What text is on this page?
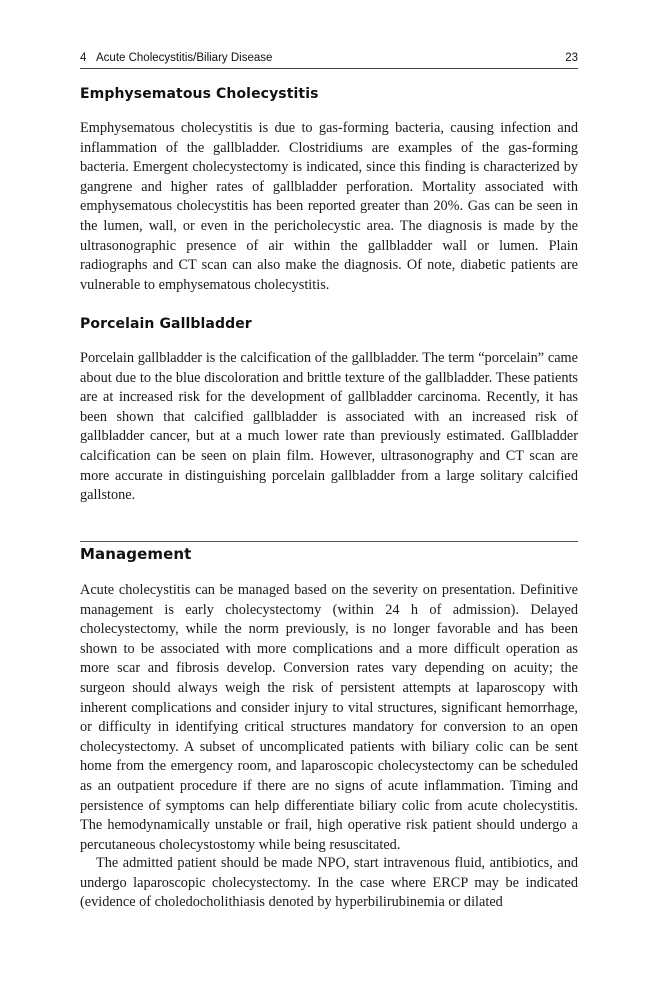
4 Acute Cholecystitis/Biliary Disease	23
Emphysematous Cholecystitis

Emphysematous cholecystitis is due to gas-forming bacteria, causing infection and inflammation of the gallbladder. Clostridiums are examples of the gas-forming bacteria. Emergent cholecystectomy is indicated, since this finding is characterized by gangrene and higher rates of gallbladder perforation. Mortality associated with emphysematous cholecystitis has been reported greater than 20%. Gas can be seen in the lumen, wall, or even in the pericholecystic area. The diagnosis is made by the ultrasonographic presence of air within the gallbladder wall or lumen. Plain radiographs and CT scan can also make the diagnosis. Of note, diabetic patients are vulnerable to emphysematous cholecystitis.

Porcelain Gallbladder

Porcelain gallbladder is the calcification of the gallbladder. The term “porcelain” came about due to the blue discoloration and brittle texture of the gallbladder. These patients are at increased risk for the development of gallbladder carcinoma. Recently, it has been shown that calcified gallbladder is associated with an increased risk of gallbladder cancer, but at a much lower rate than previously estimated. Gallbladder calcification can be seen on plain film. However, ultrasonography and CT scan are more accurate in distinguishing porcelain gallbladder from a large solitary calcified gallstone.

Management

Acute cholecystitis can be managed based on the severity on presentation. Definitive management is early cholecystectomy (within 24 h of admission). Delayed cholecystectomy, while the norm previously, is no longer favorable and has been shown to be associated with more complications and a more difficult operation as more scar and fibrosis develop. Conversion rates vary depending on acuity; the surgeon should always weigh the risk of persistent attempts at laparoscopy with inherent complications and consider injury to vital structures, significant hemorrhage, or difficulty in identifying critical structures mandatory for conversion to an open cholecystectomy. A subset of uncomplicated patients with biliary colic can be sent home from the emergency room, and laparoscopic cholecystectomy can be scheduled as an outpatient procedure if there are no signs of acute inflammation. Timing and persistence of symptoms can help differentiate biliary colic from acute cholecystitis. The hemodynamically unstable or frail, high operative risk patient should undergo a percutaneous cholecystostomy while being resuscitated.

The admitted patient should be made NPO, start intravenous fluid, antibiotics, and undergo laparoscopic cholecystectomy. In the case where ERCP may be indicated (evidence of choledocholithiasis denoted by hyperbilirubinemia or dilated
